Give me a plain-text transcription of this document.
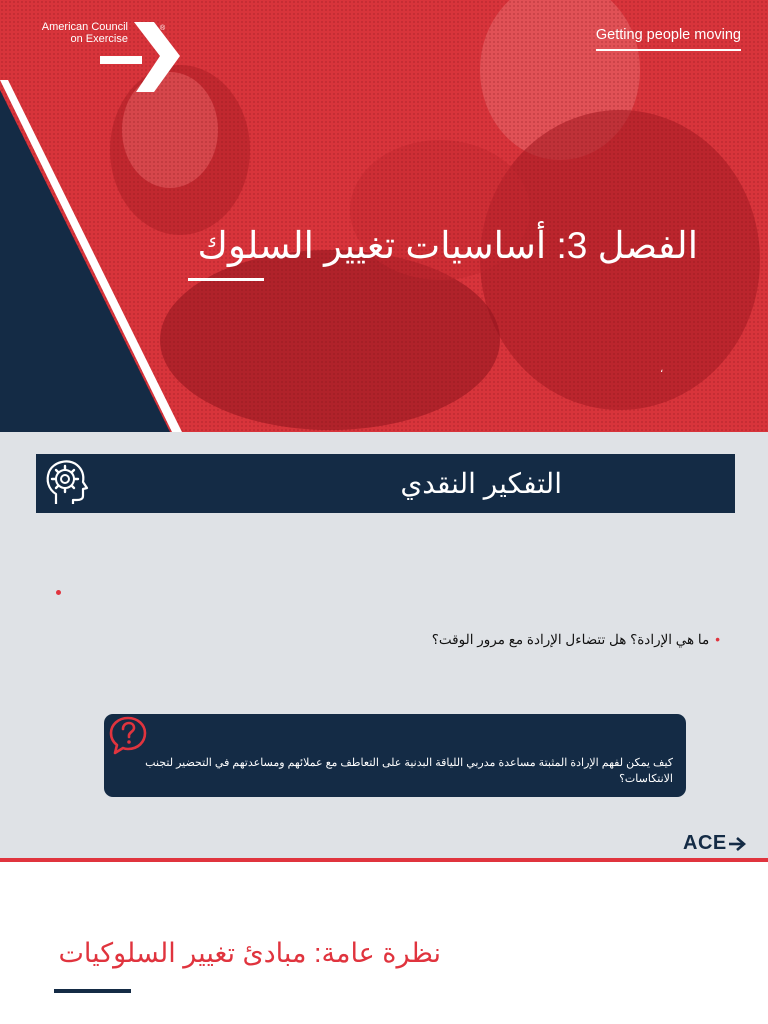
American Council
on Exercise
®	Getting people moving
الفصل 3: أساسيات تغيير السلوك
،
التفكير النقدي
•ما هي الإرادة؟ هل تتضاءل الإرادة مع مرور الوقت؟
كيف يمكن لفهم الإرادة المثبتة مساعدة مدربي اللياقة البدنية على التعاطف مع عملائهم ومساعدتهم في التحضير لتجنب الانتكاسات؟
ACE
نظرة عامة: مبادئ تغيير السلوكيات
